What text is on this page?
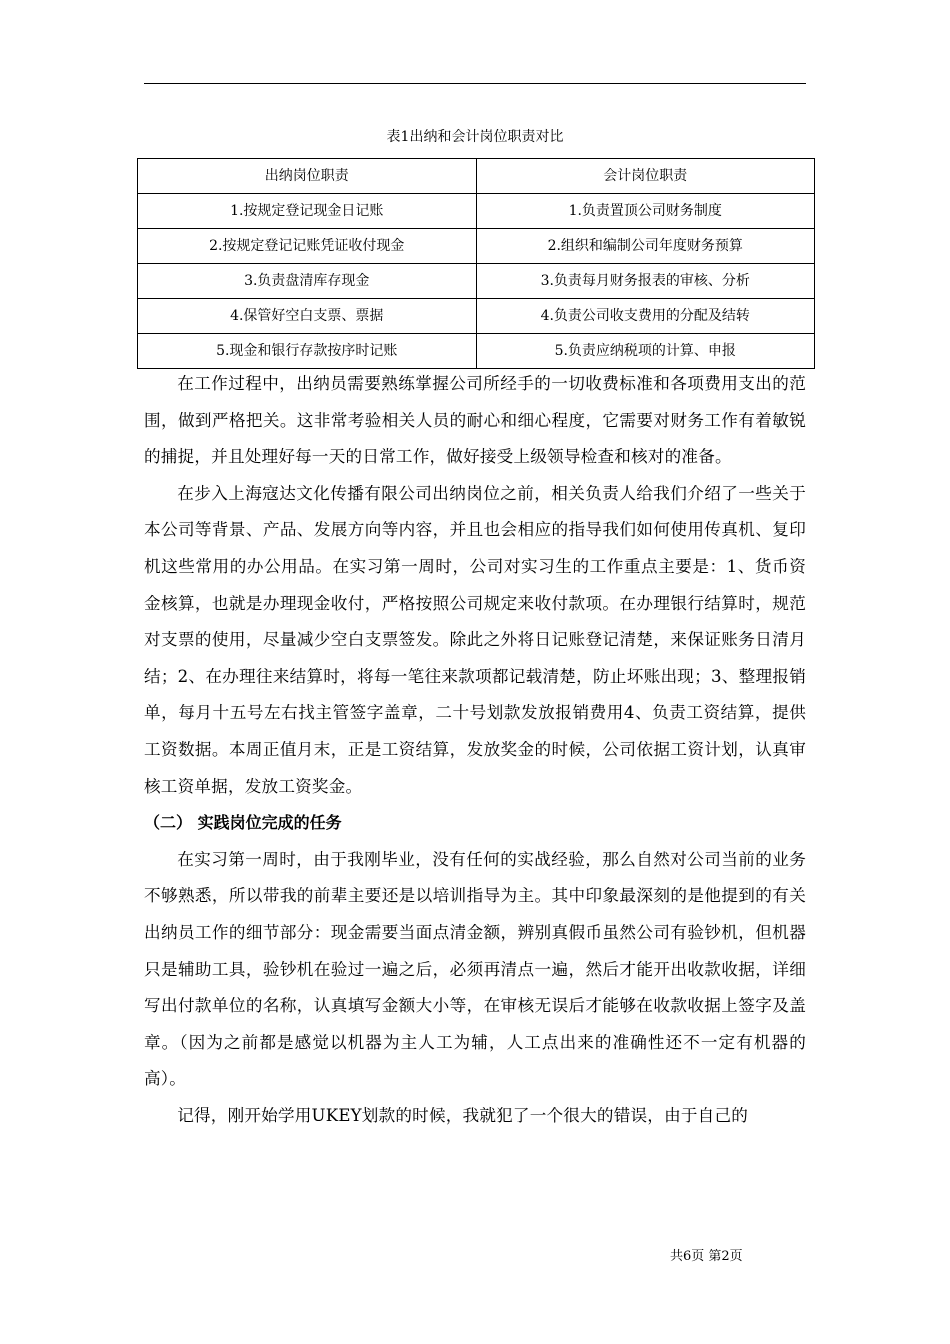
表1出纳和会计岗位职责对比
出纳岗位职责	会计岗位职责
1.按规定登记现金日记账	1.负责置顶公司财务制度
2.按规定登记记账凭证收付现金	2.组织和编制公司年度财务预算
3.负责盘清库存现金	3.负责每月财务报表的审核、分析
4.保管好空白支票、票据	4.负责公司收支费用的分配及结转
5.现金和银行存款按序时记账	5.负责应纳税项的计算、申报

在工作过程中，出纳员需要熟练掌握公司所经手的一切收费标准和各项费用支出的范围，做到严格把关。这非常考验相关人员的耐心和细心程度，它需要对财务工作有着敏锐的捕捉，并且处理好每一天的日常工作，做好接受上级领导检查和核对的准备。

在步入上海寇达文化传播有限公司出纳岗位之前，相关负责人给我们介绍了一些关于本公司等背景、产品、发展方向等内容，并且也会相应的指导我们如何使用传真机、复印机这些常用的办公用品。在实习第一周时，公司对实习生的工作重点主要是：1、货币资金核算，也就是办理现金收付，严格按照公司规定来收付款项。在办理银行结算时，规范对支票的使用，尽量减少空白支票签发。除此之外将日记账登记清楚，来保证账务日清月结；2、在办理往来结算时，将每一笔往来款项都记载清楚，防止坏账出现；3、整理报销单，每月十五号左右找主管签字盖章，二十号划款发放报销费用4、负责工资结算，提供工资数据。本周正值月末，正是工资结算，发放奖金的时候，公司依据工资计划，认真审核工资单据，发放工资奖金。

（二） 实践岗位完成的任务

在实习第一周时，由于我刚毕业，没有任何的实战经验，那么自然对公司当前的业务不够熟悉，所以带我的前辈主要还是以培训指导为主。其中印象最深刻的是他提到的有关出纳员工作的细节部分：现金需要当面点清金额，辨别真假币虽然公司有验钞机，但机器只是辅助工具，验钞机在验过一遍之后，必须再清点一遍，然后才能开出收款收据，详细写出付款单位的名称，认真填写金额大小等，在审核无误后才能够在收款收据上签字及盖章。（因为之前都是感觉以机器为主人工为辅，人工点出来的准确性还不一定有机器的高）。

记得，刚开始学用UKEY划款的时候，我就犯了一个很大的错误，由于自己的

共6页 第2页
